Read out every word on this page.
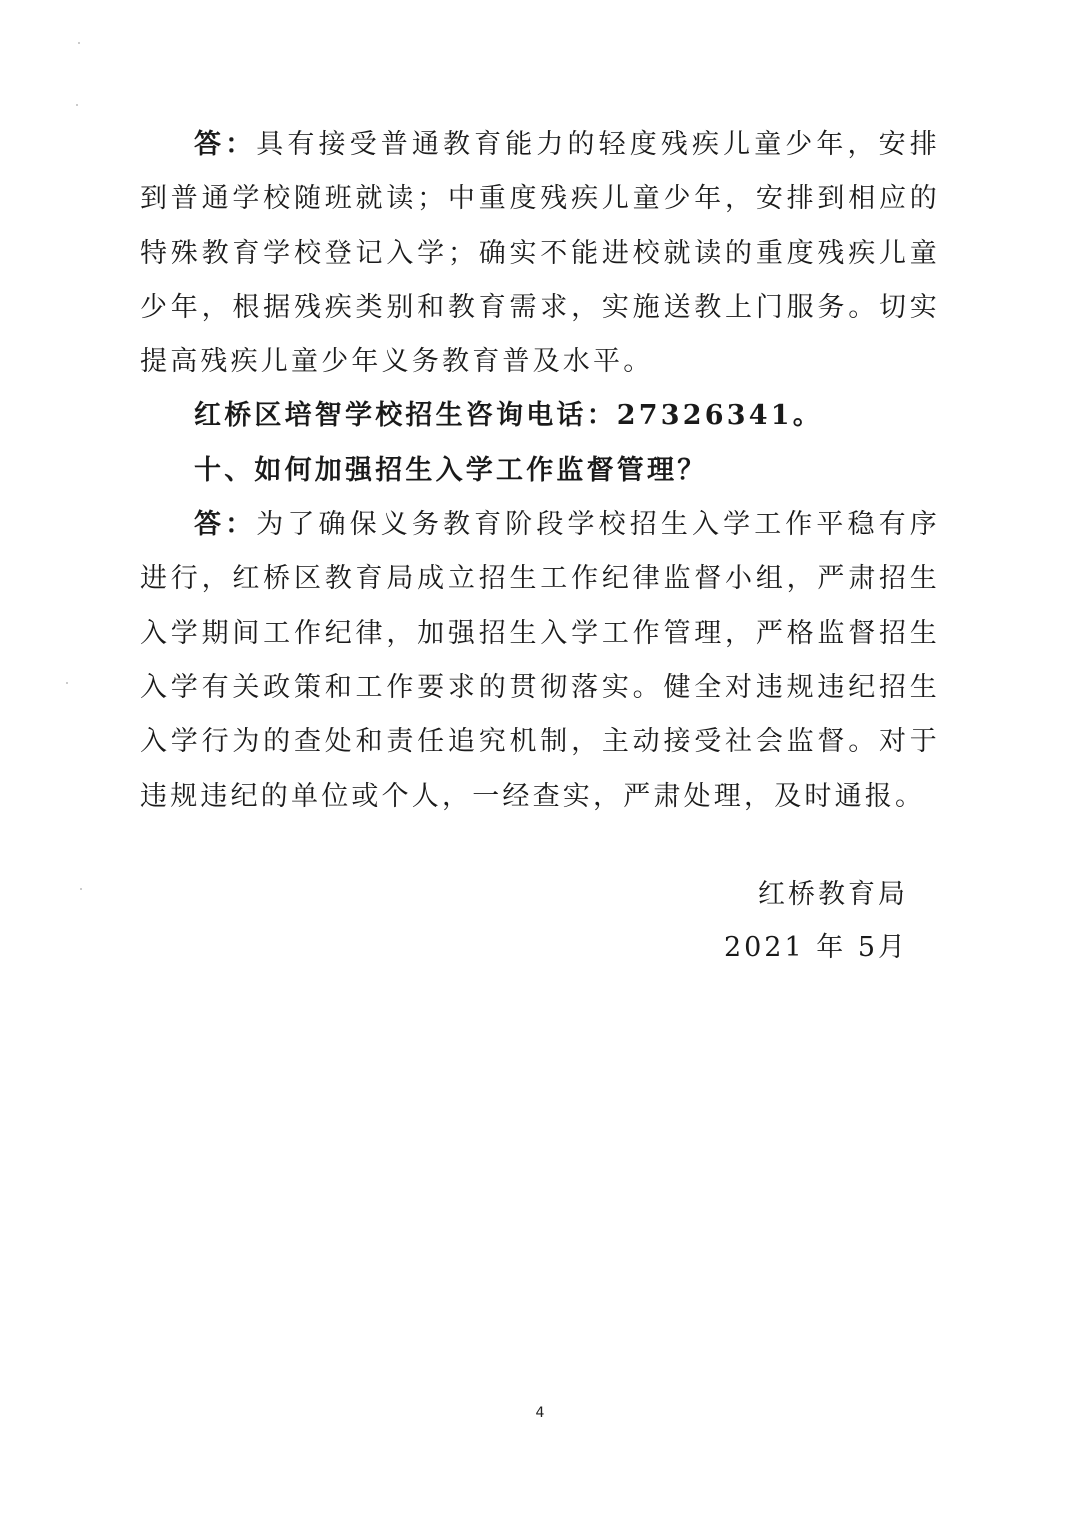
答：具有接受普通教育能力的轻度残疾儿童少年，安排到普通学校随班就读；中重度残疾儿童少年，安排到相应的特殊教育学校登记入学；确实不能进校就读的重度残疾儿童少年，根据残疾类别和教育需求，实施送教上门服务。切实提高残疾儿童少年义务教育普及水平。

红桥区培智学校招生咨询电话：27326341。

十、如何加强招生入学工作监督管理？

答：为了确保义务教育阶段学校招生入学工作平稳有序进行，红桥区教育局成立招生工作纪律监督小组，严肃招生入学期间工作纪律，加强招生入学工作管理，严格监督招生入学有关政策和工作要求的贯彻落实。健全对违规违纪招生入学行为的查处和责任追究机制，主动接受社会监督。对于违规违纪的单位或个人，一经查实，严肃处理，及时通报。

红桥教育局
2021 年 5月
4
